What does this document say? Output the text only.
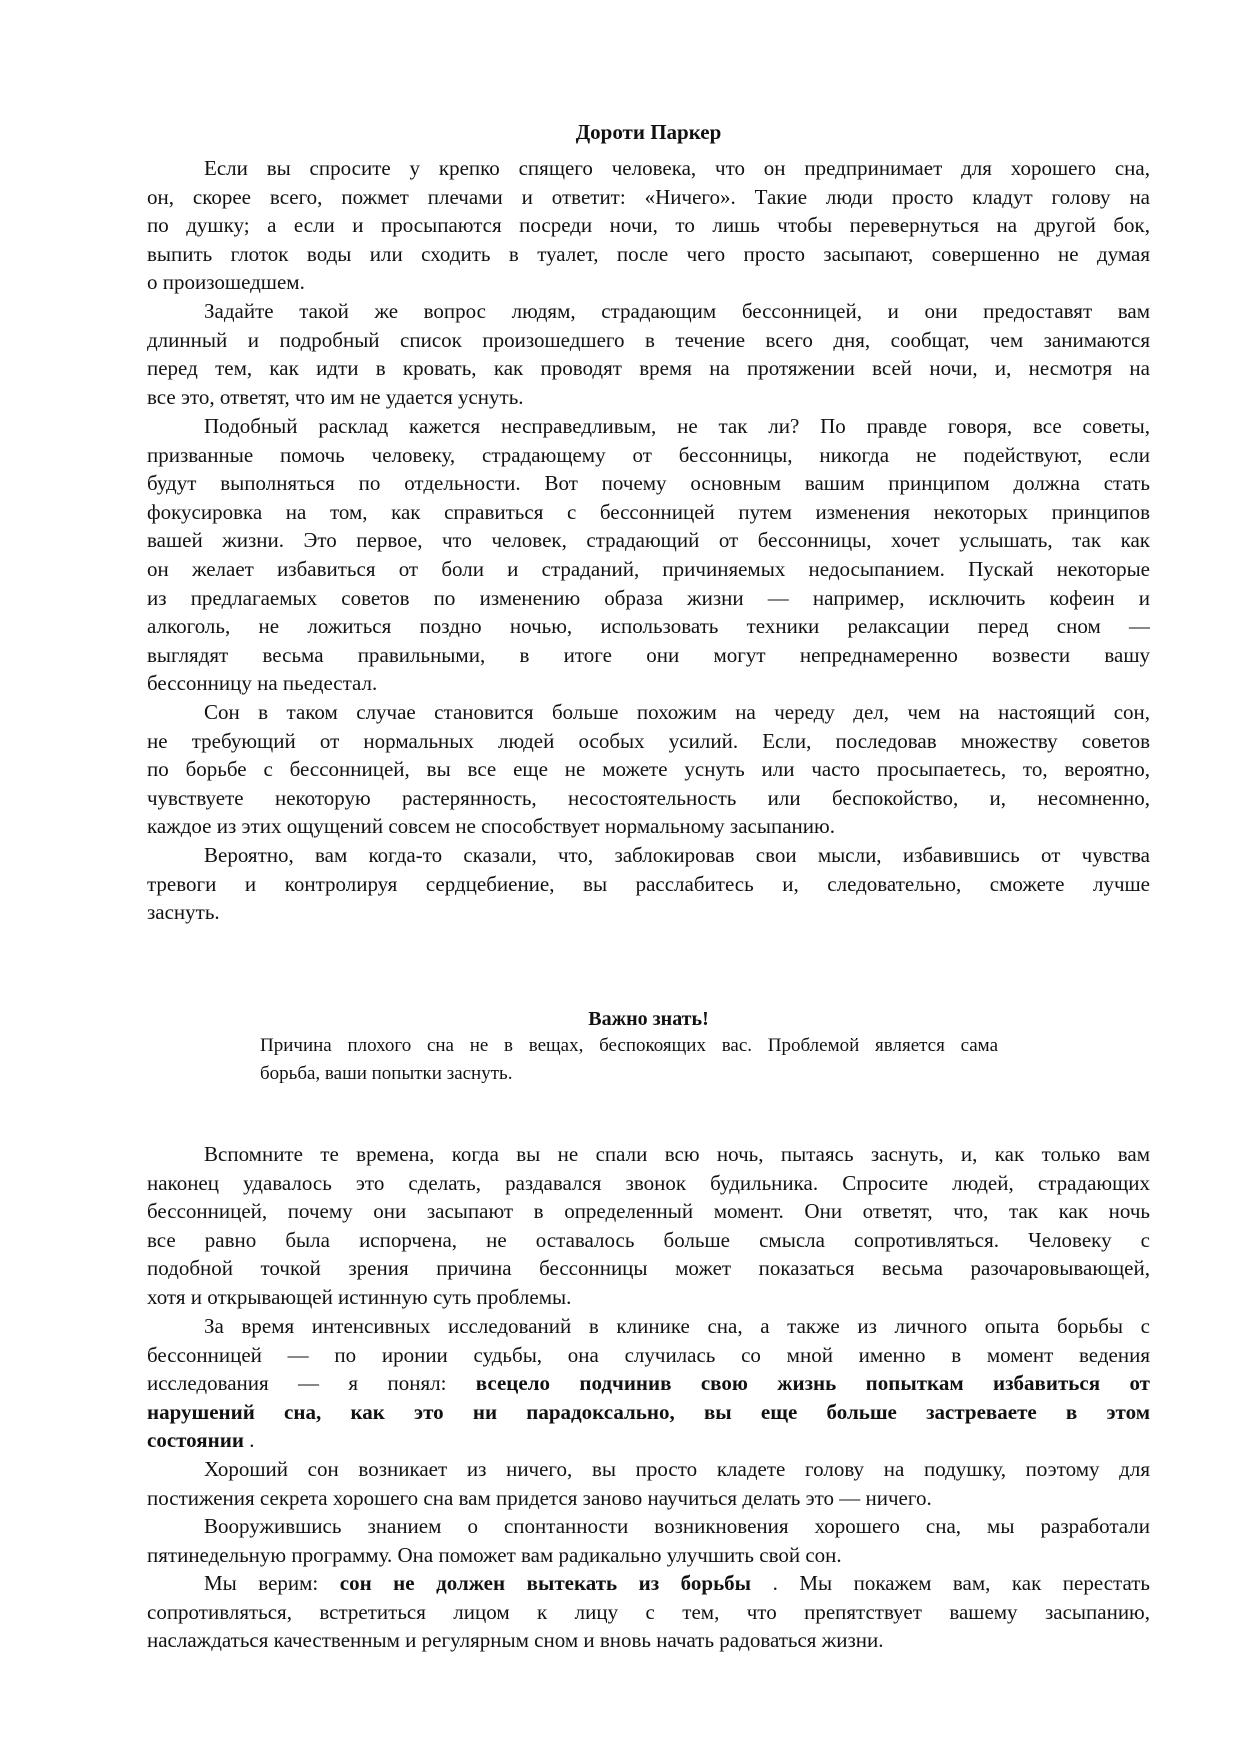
Дороти Паркер
Если вы спросите у крепко спящего человека, что он предпринимает для хорошего сна,
он, скорее всего, пожмет плечами и ответит: «Ничего». Такие люди просто кладут голову на
по душку; а если и просыпаются посреди ночи, то лишь чтобы перевернуться на другой бок,
выпить глоток воды или сходить в туалет, после чего просто засыпают, совершенно не думая
о произошедшем.
Задайте такой же вопрос людям, страдающим бессонницей, и они предоставят вам
длинный и подробный список произошедшего в течение всего дня, сообщат, чем занимаются
перед тем, как идти в кровать, как проводят время на протяжении всей ночи, и, несмотря на
все это, ответят, что им не удается уснуть.
Подобный расклад кажется несправедливым, не так ли? По правде говоря, все советы,
призванные помочь человеку, страдающему от бессонницы, никогда не подействуют, если
будут выполняться по отдельности. Вот почему основным вашим принципом должна стать
фокусировка на том, как справиться с бессонницей путем изменения некоторых принципов
вашей жизни. Это первое, что человек, страдающий от бессонницы, хочет услышать, так как
он желает избавиться от боли и страданий, причиняемых недосыпанием. Пускай некоторые
из предлагаемых советов по изменению образа жизни — например, исключить кофеин и
алкоголь, не ложиться поздно ночью, использовать техники релаксации перед сном —
выглядят весьма правильными, в итоге они могут непреднамеренно возвести вашу
бессонницу на пьедестал.
Сон в таком случае становится больше похожим на череду дел, чем на настоящий сон,
не требующий от нормальных людей особых усилий. Если, последовав множеству советов
по борьбе с бессонницей, вы все еще не можете уснуть или часто просыпаетесь, то, вероятно,
чувствуете некоторую растерянность, несостоятельность или беспокойство, и, несомненно,
каждое из этих ощущений совсем не способствует нормальному засыпанию.
Вероятно, вам когда-то сказали, что, заблокировав свои мысли, избавившись от чувства
тревоги и контролируя сердцебиение, вы расслабитесь и, следовательно, сможете лучше
заснуть.
Важно знать!
Причина плохого сна не в вещах, беспокоящих вас. Проблемой является сама
борьба, ваши попытки заснуть.
Вспомните те времена, когда вы не спали всю ночь, пытаясь заснуть, и, как только вам
наконец удавалось это сделать, раздавался звонок будильника. Спросите людей, страдающих
бессонницей, почему они засыпают в определенный момент. Они ответят, что, так как ночь
все равно была испорчена, не оставалось больше смысла сопротивляться. Человеку с
подобной точкой зрения причина бессонницы может показаться весьма разочаровывающей,
хотя и открывающей истинную суть проблемы.
За время интенсивных исследований в клинике сна, а также из личного опыта борьбы с
бессонницей — по иронии судьбы, она случилась со мной именно в момент ведения
исследования — я понял: всецело подчинив свою жизнь попыткам избавиться от
нарушений сна, как это ни парадоксально, вы еще больше застреваете в этом
состоянии .
Хороший сон возникает из ничего, вы просто кладете голову на подушку, поэтому для
постижения секрета хорошего сна вам придется заново научиться делать это — ничего.
Вооружившись знанием о спонтанности возникновения хорошего сна, мы разработали
пятинедельную программу. Она поможет вам радикально улучшить свой сон.
Мы верим: сон не должен вытекать из борьбы . Мы покажем вам, как перестать
сопротивляться, встретиться лицом к лицу с тем, что препятствует вашему засыпанию,
наслаждаться качественным и регулярным сном и вновь начать радоваться жизни.
